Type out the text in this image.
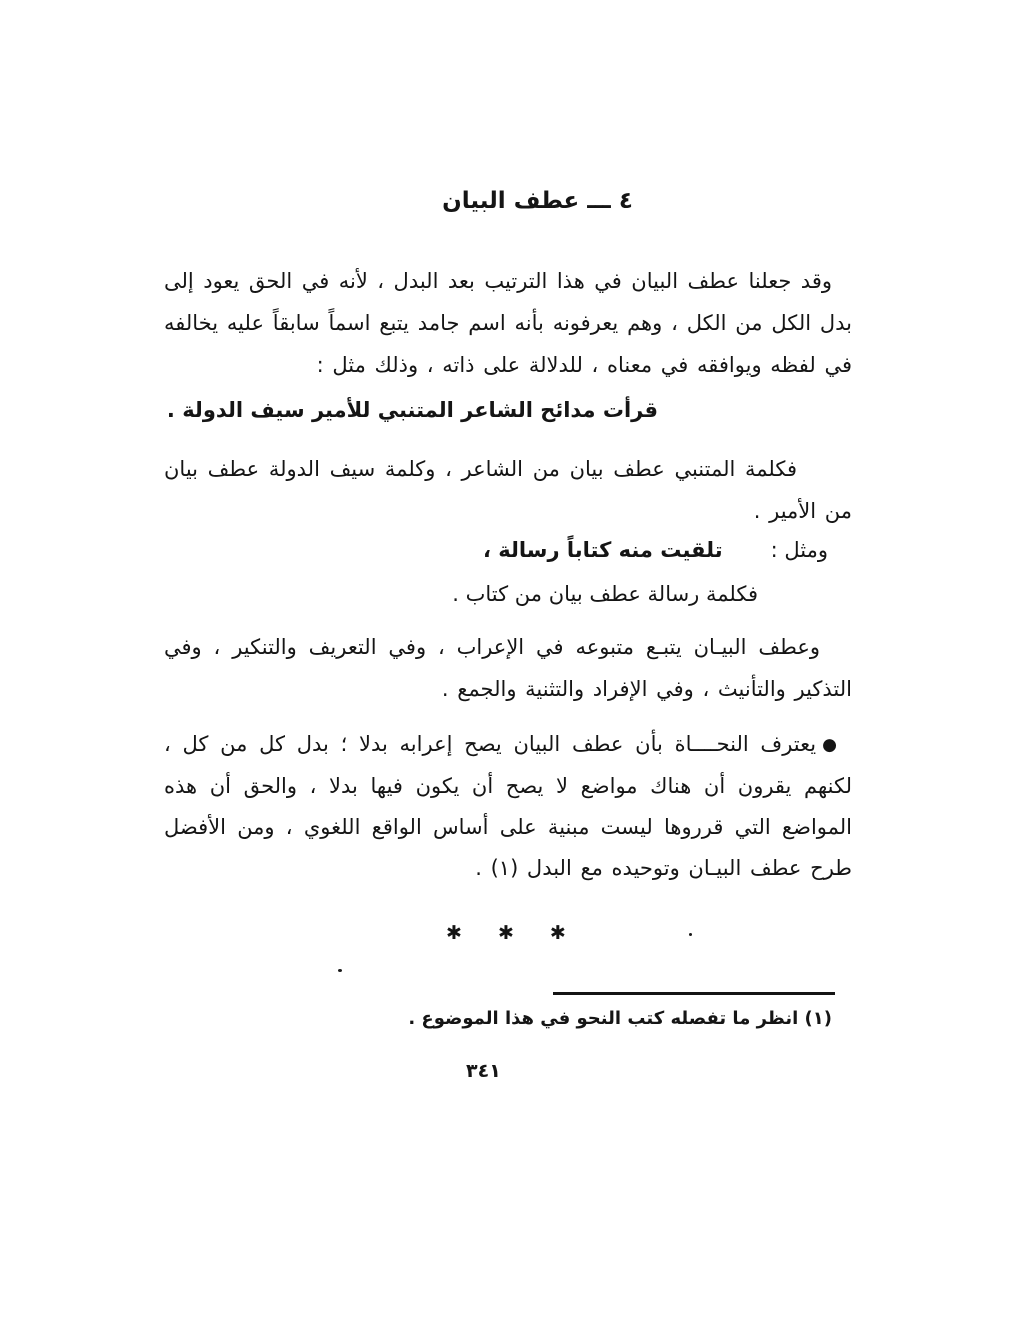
٤ ـــ عطف البيان
وقد جعلنا عطف البيان في هذا الترتيب بعد البدل ، لأنه في الحق يعود إلى بدل الكل من الكل ، وهم يعرفونه بأنه اسم جامد يتبع اسماً سابقاً عليه يخالفه في لفظه ويوافقه في معناه ، للدلالة على ذاته ، وذلك مثل :
قرأت مدائح الشاعر المتنبي للأمير سيف الدولة .
فكلمة المتنبي عطف بيان من الشاعر ، وكلمة سيف الدولة عطف بيان من الأمير .
ومثل :تلقيت منه كتاباً رسالة ،
فكلمة رسالة عطف بيان من كتاب .
وعطف البيـان يتبـع متبوعه في الإعراب ، وفي التعريف والتنكير ، وفي التذكير والتأنيث ، وفي الإفراد والتثنية والجمع .
●يعترف النحــــاة بأن عطف البيان يصح إعرابه بدلا ؛ بدل كل من كل ، لكنهم يقرون أن هناك مواضع لا يصح أن يكون فيها بدلا ، والحق أن هذه المواضع التي قرروها ليست مبنية على أساس الواقع اللغوي ، ومن الأفضل طرح عطف البيـان وتوحيده مع البدل (١) .
✱ ✱ ✱
(١) انظر ما تفصله كتب النحو في هذا الموضوع .
٣٤١
